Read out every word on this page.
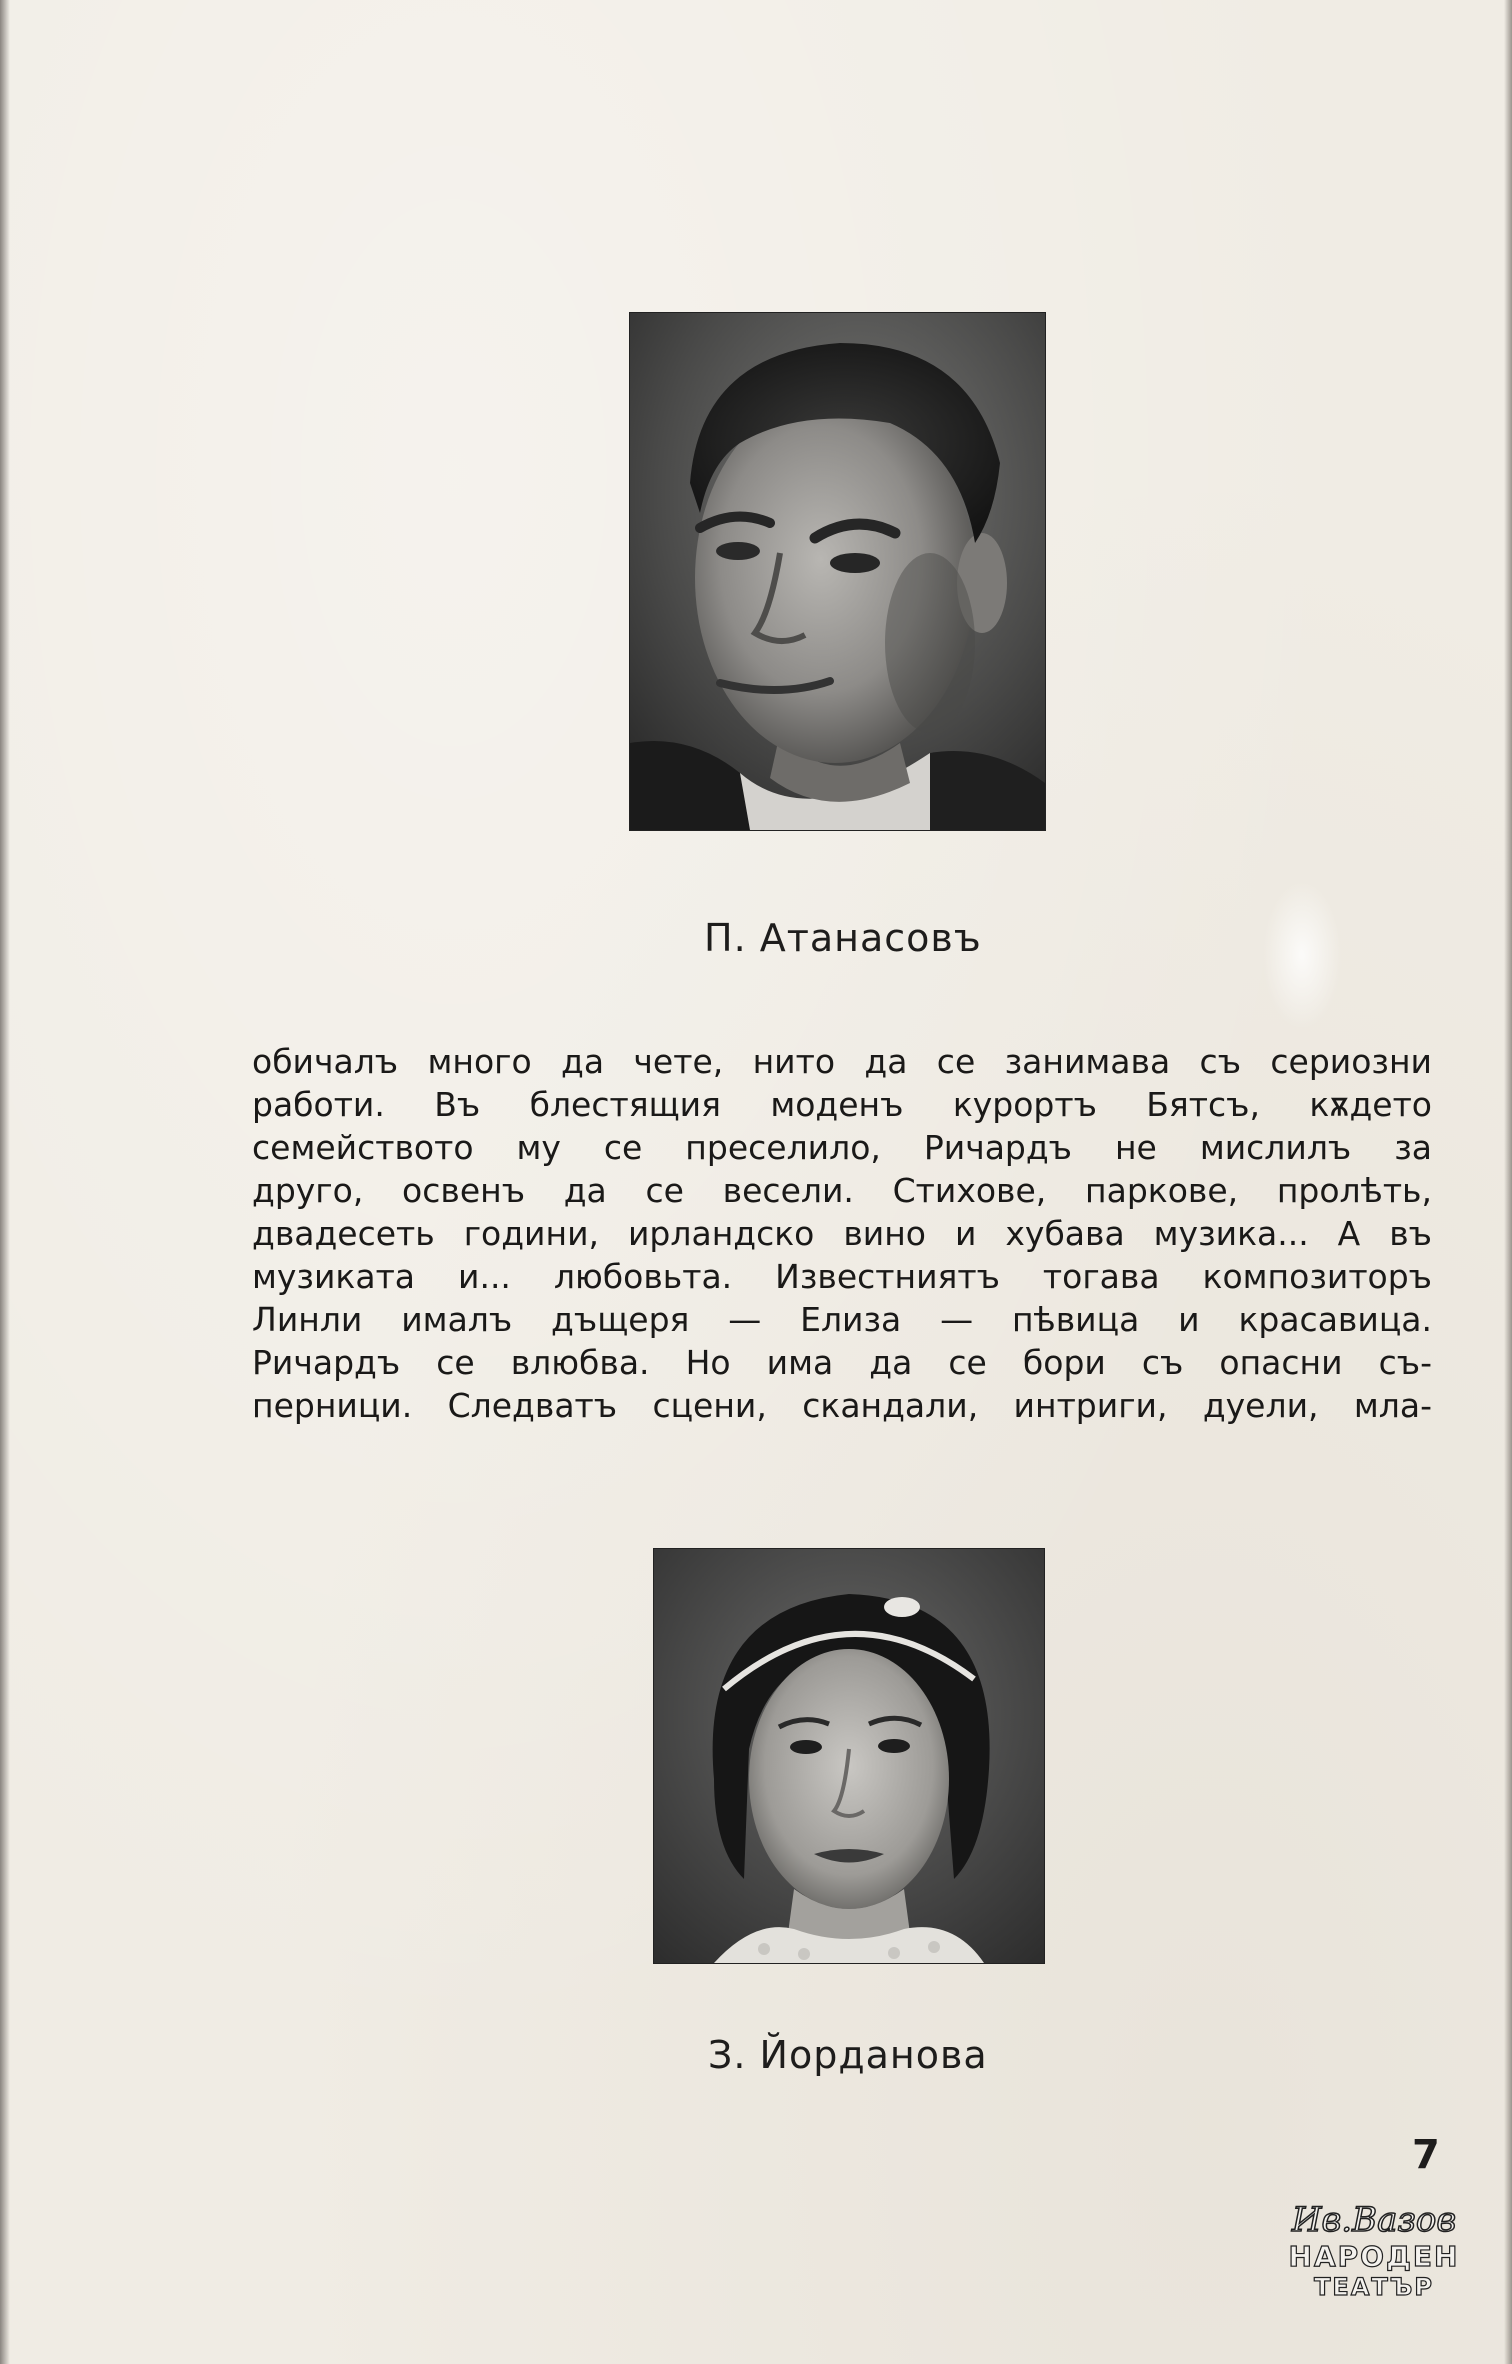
П. Атанасовъ
обичалъ много да чете, нито да се занимава съ сериозни
работи. Въ блестящия моденъ курортъ Бятсъ, кѫдето
семейството му се преселило, Ричардъ не мислилъ за
друго, освенъ да се весели. Стихове, паркове, пролѣть,
двадесеть години, ирландско вино и хубава музика... А въ
музиката и... любовьта. Известниятъ тогава композиторъ
Линли ималъ дъщеря — Елиза — пѣвица и красавица.
Ричардъ се влюбва. Но има да се бори съ опасни съ-
перници. Следватъ сцени, скандали, интриги, дуели, мла-
З. Йорданова
7
Ив.Вазов
НАРОДЕН
ТЕАТЪР
